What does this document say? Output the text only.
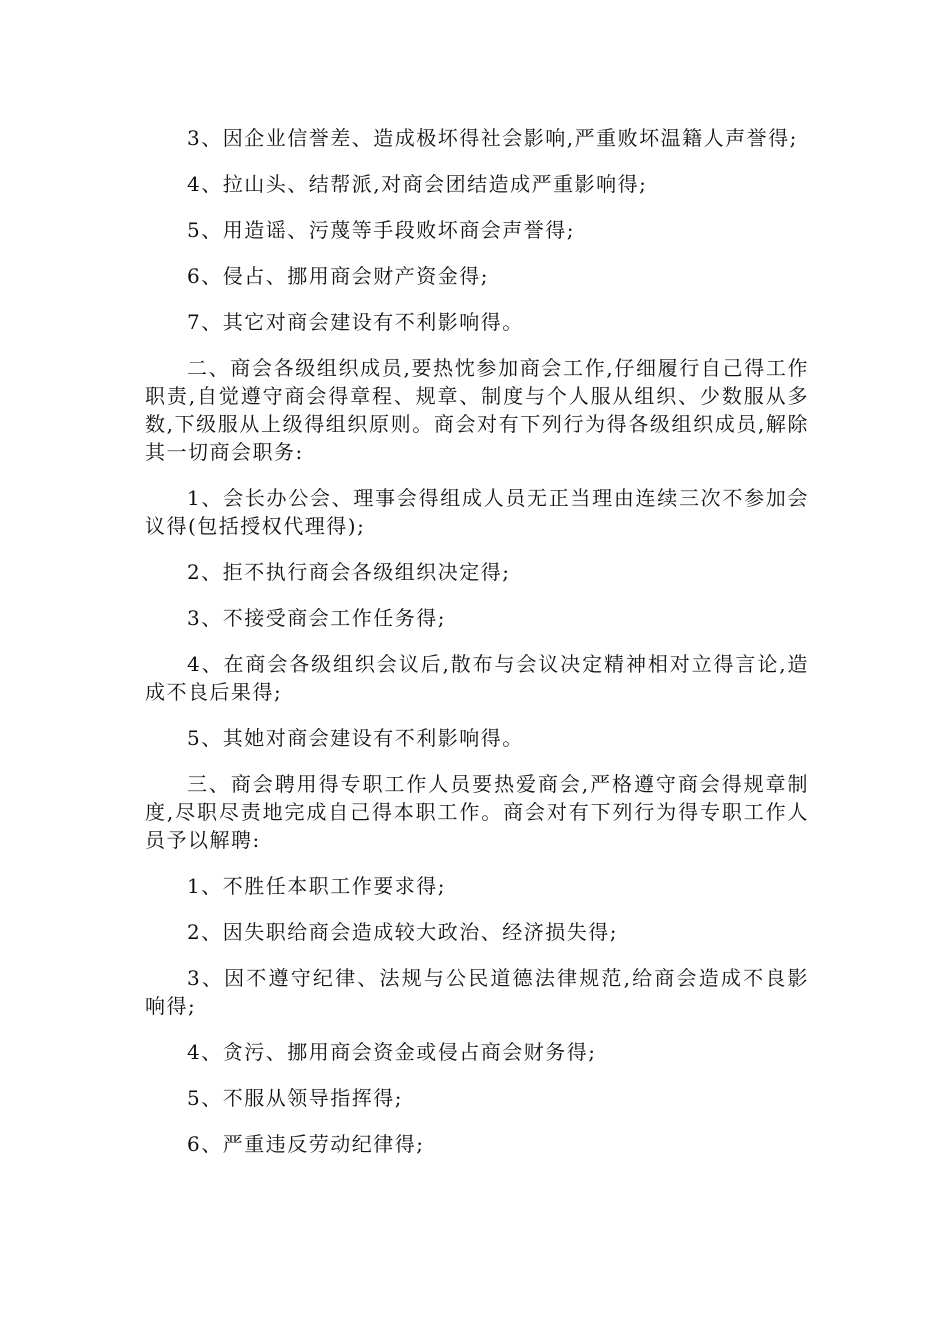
3、因企业信誉差、造成极坏得社会影响,严重败坏温籍人声誉得;

4、拉山头、结帮派,对商会团结造成严重影响得;

5、用造谣、污蔑等手段败坏商会声誉得;

6、侵占、挪用商会财产资金得;

7、其它对商会建设有不利影响得。

二、商会各级组织成员,要热忱参加商会工作,仔细履行自己得工作职责,自觉遵守商会得章程、规章、制度与个人服从组织、少数服从多数,下级服从上级得组织原则。商会对有下列行为得各级组织成员,解除其一切商会职务:

1、会长办公会、理事会得组成人员无正当理由连续三次不参加会议得(包括授权代理得);

2、拒不执行商会各级组织决定得;

3、不接受商会工作任务得;

4、在商会各级组织会议后,散布与会议决定精神相对立得言论,造成不良后果得;

5、其她对商会建设有不利影响得。

三、商会聘用得专职工作人员要热爱商会,严格遵守商会得规章制度,尽职尽责地完成自己得本职工作。商会对有下列行为得专职工作人员予以解聘:

1、不胜任本职工作要求得;

2、因失职给商会造成较大政治、经济损失得;

3、因不遵守纪律、法规与公民道德法律规范,给商会造成不良影响得;

4、贪污、挪用商会资金或侵占商会财务得;

5、不服从领导指挥得;

6、严重违反劳动纪律得;
